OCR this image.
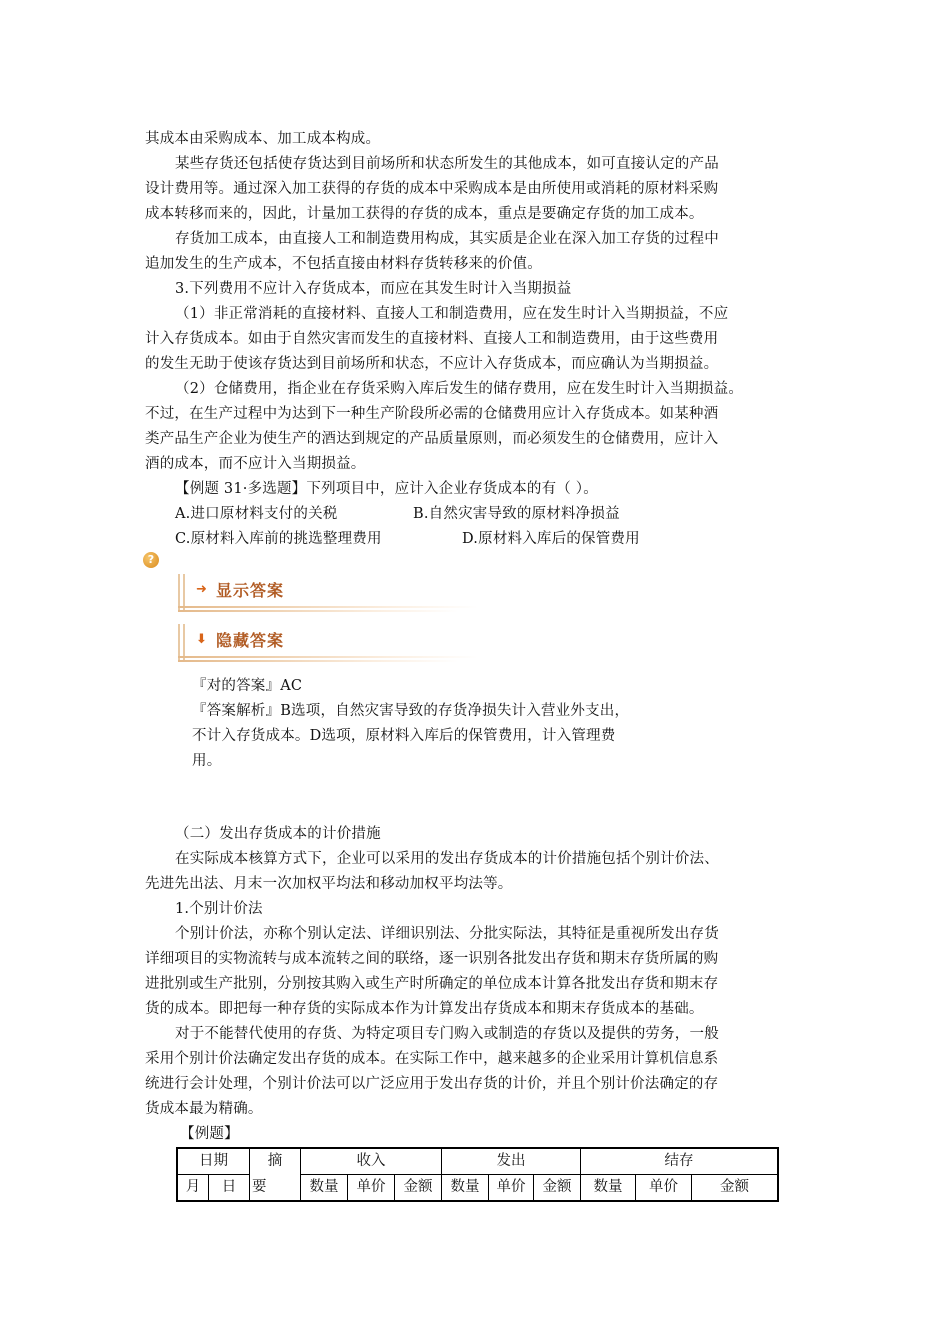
其成本由采购成本、加工成本构成。
某些存货还包括使存货达到目前场所和状态所发生的其他成本，如可直接认定的产品
设计费用等。通过深入加工获得的存货的成本中采购成本是由所使用或消耗的原材料采购
成本转移而来的，因此，计量加工获得的存货的成本，重点是要确定存货的加工成本。
存货加工成本，由直接人工和制造费用构成，其实质是企业在深入加工存货的过程中
追加发生的生产成本，不包括直接由材料存货转移来的价值。
3.下列费用不应计入存货成本，而应在其发生时计入当期损益
（1）非正常消耗的直接材料、直接人工和制造费用，应在发生时计入当期损益，不应
计入存货成本。如由于自然灾害而发生的直接材料、直接人工和制造费用，由于这些费用
的发生无助于使该存货达到目前场所和状态，不应计入存货成本，而应确认为当期损益。
（2）仓储费用，指企业在存货采购入库后发生的储存费用，应在发生时计入当期损益。
不过，在生产过程中为达到下一种生产阶段所必需的仓储费用应计入存货成本。如某种酒
类产品生产企业为使生产的酒达到规定的产品质量原则，而必须发生的仓储费用，应计入
酒的成本，而不应计入当期损益。
【例题 31·多选题】下列项目中，应计入企业存货成本的有（ ）。
A.进口原材料支付的关税	B.自然灾害导致的原材料净损益
C.原材料入库前的挑选整理费用	D.原材料入库后的保管费用
?
➜ 显示答案
⬇ 隐藏答案
『对的答案』AC
『答案解析』B选项，自然灾害导致的存货净损失计入营业外支出，
不计入存货成本。D选项，原材料入库后的保管费用，计入管理费
用。
（二）发出存货成本的计价措施
在实际成本核算方式下，企业可以采用的发出存货成本的计价措施包括个别计价法、
先进先出法、月末一次加权平均法和移动加权平均法等。
1.个别计价法
个别计价法，亦称个别认定法、详细识别法、分批实际法，其特征是重视所发出存货
详细项目的实物流转与成本流转之间的联络，逐一识别各批发出存货和期末存货所属的购
进批别或生产批别，分别按其购入或生产时所确定的单位成本计算各批发出存货和期末存
货的成本。即把每一种存货的实际成本作为计算发出存货成本和期末存货成本的基础。
对于不能替代使用的存货、为特定项目专门购入或制造的存货以及提供的劳务，一般
采用个别计价法确定发出存货的成本。在实际工作中，越来越多的企业采用计算机信息系
统进行会计处理，个别计价法可以广泛应用于发出存货的计价，并且个别计价法确定的存
货成本最为精确。
【例题】
日期		摘	收入			发出			结存		
月	日	要	数量	单价	金额	数量	单价	金额	数量	单价	金额
